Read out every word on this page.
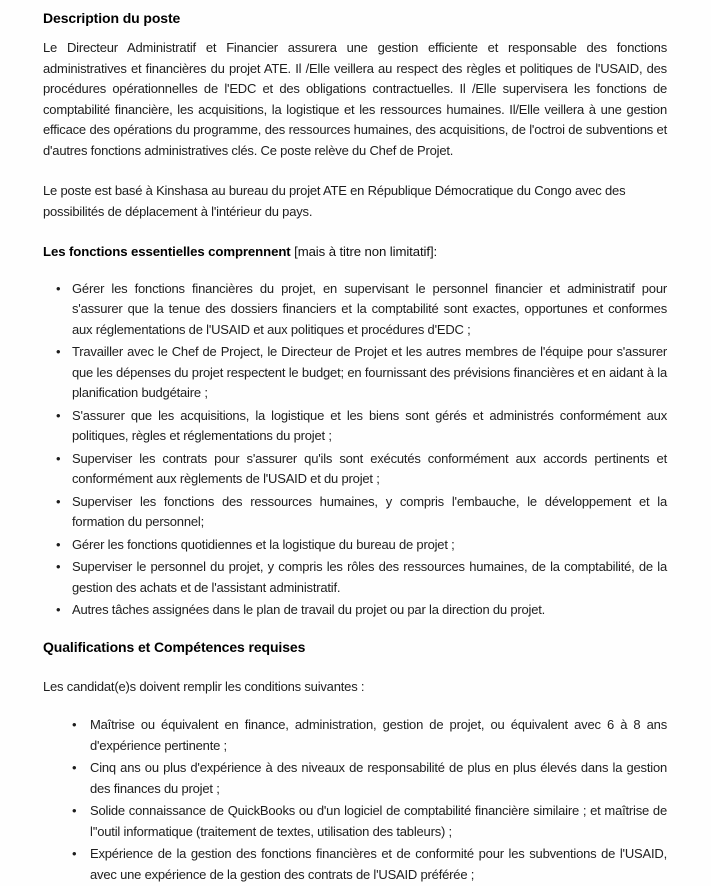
Description du poste

Le Directeur Administratif et Financier assurera une gestion efficiente et responsable des fonctions administratives et financières du projet ATE. Il /Elle veillera au respect des règles et politiques de l'USAID, des procédures opérationnelles de l'EDC et des obligations contractuelles. Il /Elle supervisera les fonctions de comptabilité financière, les acquisitions, la logistique et les ressources humaines. Il/Elle veillera à une gestion efficace des opérations du programme, des ressources humaines, des acquisitions, de l'octroi de subventions et d'autres fonctions administratives clés. Ce poste relève du Chef de Projet.

Le poste est basé à Kinshasa au bureau du projet ATE en République Démocratique du Congo avec des possibilités de déplacement à l'intérieur du pays.

Les fonctions essentielles comprennent [mais à titre non limitatif]:

• Gérer les fonctions financières du projet, en supervisant le personnel financier et administratif pour s'assurer que la tenue des dossiers financiers et la comptabilité sont exactes, opportunes et conformes aux réglementations de l'USAID et aux politiques et procédures d'EDC ;
• Travailler avec le Chef de Project, le Directeur de Projet et les autres membres de l'équipe pour s'assurer que les dépenses du projet respectent le budget; en fournissant des prévisions financières et en aidant à la planification budgétaire ;
• S'assurer que les acquisitions, la logistique et les biens sont gérés et administrés conformément aux politiques, règles et réglementations du projet ;
• Superviser les contrats pour s'assurer qu'ils sont exécutés conformément aux accords pertinents et conformément aux règlements de l'USAID et du projet ;
• Superviser les fonctions des ressources humaines, y compris l'embauche, le développement et la formation du personnel;
• Gérer les fonctions quotidiennes et la logistique du bureau de projet ;
• Superviser le personnel du projet, y compris les rôles des ressources humaines, de la comptabilité, de la gestion des achats et de l'assistant administratif.
• Autres tâches assignées dans le plan de travail du projet ou par la direction du projet.
Qualifications et Compétences requises

Les candidat(e)s doivent remplir les conditions suivantes :

• Maîtrise ou équivalent en finance, administration, gestion de projet, ou équivalent avec 6 à 8 ans d'expérience pertinente ;
• Cinq ans ou plus d'expérience à des niveaux de responsabilité de plus en plus élevés dans la gestion des finances du projet ;
• Solide connaissance de QuickBooks ou d'un logiciel de comptabilité financière similaire ; et maîtrise de l''outil informatique (traitement de textes, utilisation des tableurs) ;
• Expérience de la gestion des fonctions financières et de conformité pour les subventions de l'USAID, avec une expérience de la gestion des contrats de l'USAID préférée ;
